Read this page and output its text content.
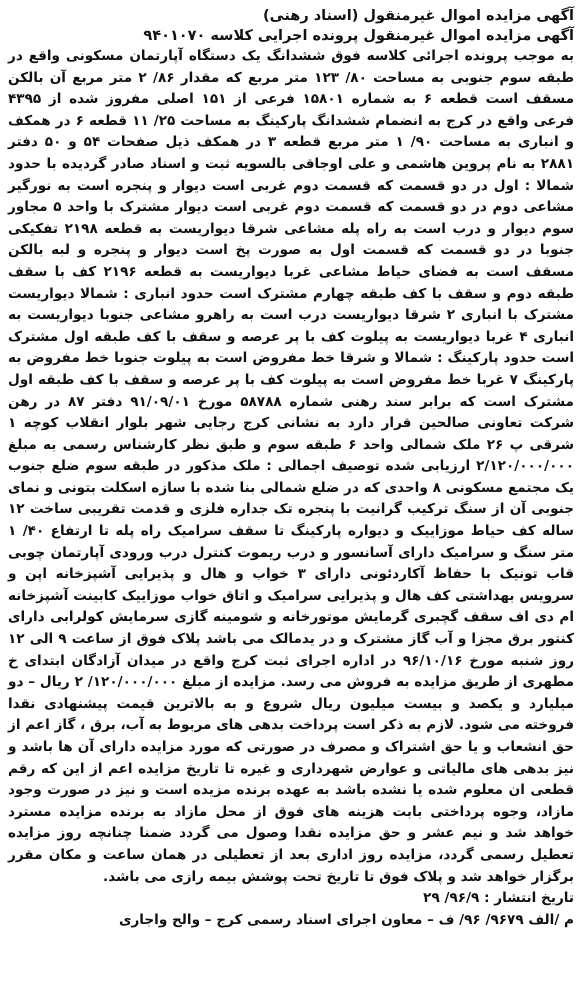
آگهی مزایده اموال غیرمنقول (اسناد رهنی)

آگهی مزایده اموال غیرمنقول پرونده اجرایی کلاسه ۹۴۰۱۰۷۰

به موجب پرونده اجرائی کلاسه فوق ششدانگ یک دستگاه آپارتمان مسکونی واقع در طبقه سوم جنوبی به مساحت ۸۰/ ۱۲۳ متر مربع که مقدار ۸۶/ ۲ متر مربع آن بالکن مسقف است قطعه ۶ به شماره ۱۵۸۰۱ فرعی از ۱۵۱ اصلی مفروز شده از ۴۳۹۵ فرعی واقع در کرج به انضمام ششدانگ پارکینگ به مساحت ۲۵/ ۱۱ قطعه ۶ در همکف و انباری به مساحت ۹۰/ ۱ متر مربع قطعه ۳ در همکف ذیل صفحات ۵۴ و ۵۰ دفتر ۲۸۸۱ به نام پروین هاشمی و علی اوجاقی بالسویه ثبت و اسناد صادر گردیده با حدود شمالا : اول در دو قسمت که قسمت دوم غربی است دیوار و پنجره است به نورگیر مشاعی دوم در دو قسمت که قسمت دوم غربی است دیوار مشترک با واحد ۵ مجاور سوم دیوار و درب است به راه پله مشاعی شرقا دیواریست به قطعه ۲۱۹۸ تفکیکی جنوبا در دو قسمت که قسمت اول به صورت پخ است دیوار و پنجره و لبه بالکن مسقف است به فضای حیاط مشاعی غربا دیواریست به قطعه ۲۱۹۶ کف با سقف طبقه دوم و سقف با کف طبقه چهارم مشترک است حدود انباری : شمالا دیواریست مشترک با انباری ۲ شرقا دیواریست درب است به راهرو مشاعی جنوبا دیواریست به انباری ۴ غربا دیواریست به پیلوت کف با پر عرصه و سقف با کف طبقه اول مشترک است حدود پارکینگ : شمالا و شرقا خط مفروض است به پیلوت جنوبا خط مفروض به پارکینگ ۷ غربا خط مفروض است به پیلوت کف با پر عرصه و سقف با کف طبقه اول مشترک است که برابر سند رهنی شماره ۵۸۷۸۸ مورخ ۹۱/۰۹/۰۱ دفتر ۸۷ در رهن شرکت تعاونی صالحین قرار دارد به نشانی کرج رجایی شهر بلوار انقلاب کوچه ۱ شرقی پ ۲۶ ملک شمالی واحد ۶ طبقه سوم و طبق نظر کارشناس رسمی به مبلغ ۲/۱۲۰/۰۰۰/۰۰۰ ارزیابی شده توصیف اجمالی : ملک مذکور در طبقه سوم ضلع جنوب یک مجتمع مسکونی ۸ واحدی که در ضلع شمالی بنا شده با سازه اسکلت بتونی و نمای جنوبی آن از سنگ ترکیب گرانیت با پنجره تک جداره فلزی و قدمت تقریبی ساخت ۱۲ ساله کف حیاط موزاییک و دیواره پارکینگ تا سقف سرامیک راه پله تا ارتفاع ۴۰/ ۱ متر سنگ و سرامیک دارای آسانسور و درب ریموت کنترل درب ورودی آپارتمان چوبی قاب تونیک با حفاظ آکاردئونی دارای ۳ خواب و هال و پذیرایی آشپزخانه اپن و سرویس بهداشتی کف هال و پذیرایی سرامیک و اتاق خواب موزاییک کابینت آشپزخانه ام دی اف سقف گچبری گرمایش موتورخانه و شومینه گازی سرمایش کولرابی دارای کنتور برق مجزا و آب گاز مشترک و در یدمالک می باشد پلاک فوق از ساعت ۹ الی ۱۲ روز شنبه مورخ ۹۶/۱۰/۱۶ در اداره اجرای ثبت کرج واقع در میدان آزادگان ابتدای خ مطهری از طریق مزایده به فروش می رسد. مزایده از مبلغ ۱۲۰/۰۰۰/۰۰۰/ ۲ ریال – دو میلیارد و یکصد و بیست میلیون ریال شروع و به بالاترین قیمت پیشنهادی نقدا فروخته می شود. لازم به ذکر است پرداخت بدهی های مربوط به آب، برق ، گاز اعم از حق انشعاب و یا حق اشتراک و مصرف در صورتی که مورد مزایده دارای آن ها باشد و نیز بدهی های مالیاتی و عوارض شهرداری و غیره تا تاریخ مزایده اعم از این که رقم قطعی ان معلوم شده یا نشده باشد به عهده برنده مزیده است و نیز در صورت وجود مازاد، وجوه پرداختی بابت هزینه های فوق از محل مازاد به برنده مزایده مسترد خواهد شد و نیم عشر و حق مزایده نقدا وصول می گردد ضمنا چنانچه روز مزایده تعطیل رسمی گردد، مزایده روز اداری بعد از تعطیلی در همان ساعت و مکان مقرر برگزار خواهد شد و پلاک فوق تا تاریخ تحت پوشش بیمه رازی می باشد.

تاریخ انتشار : ۹۶/۹/ ۲۹

م /الف ۹۶۷۹/ ۹۶/ ف – معاون اجرای اسناد رسمی کرج – والح واجاری
